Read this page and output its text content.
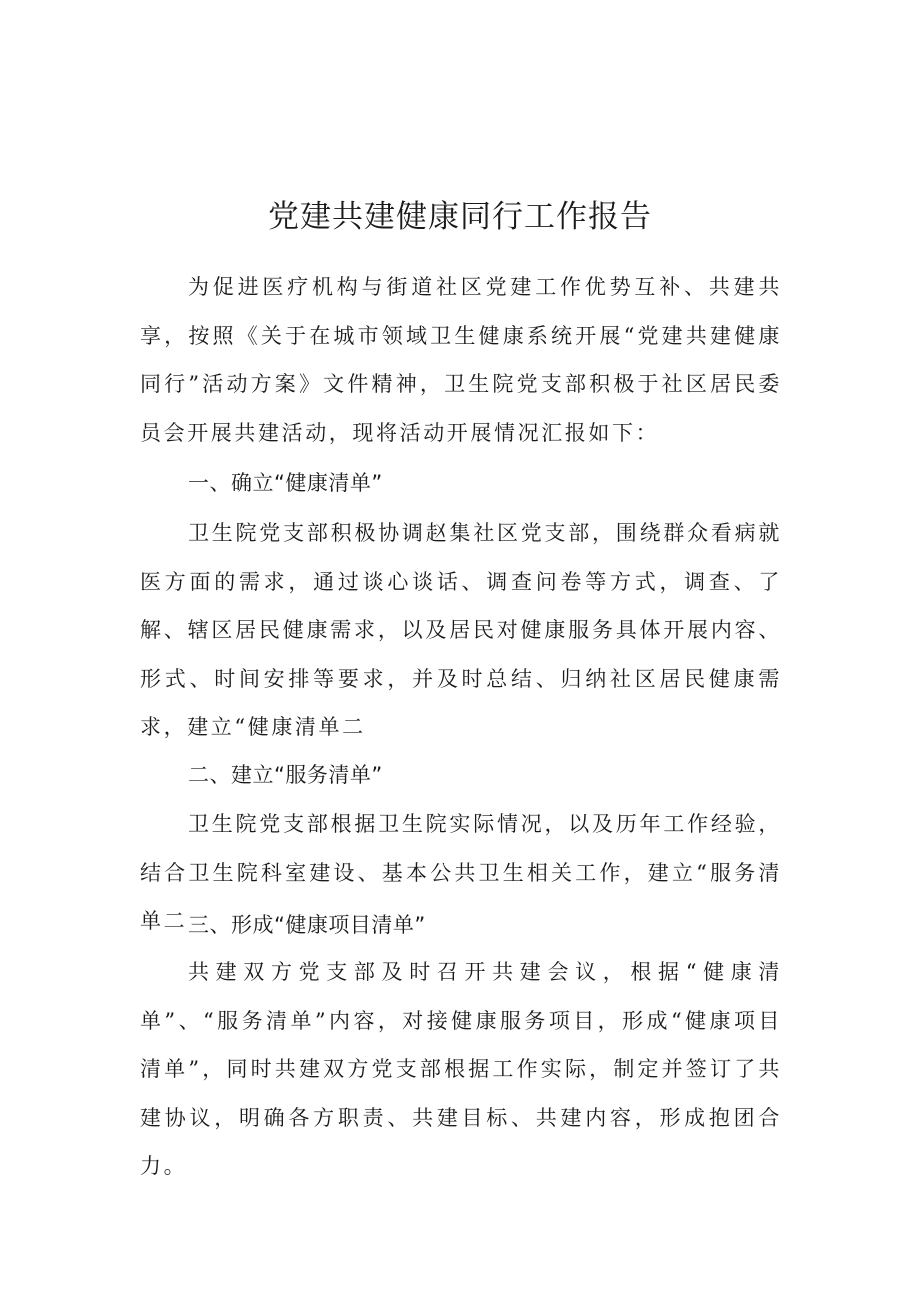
党建共建健康同行工作报告

为促进医疗机构与街道社区党建工作优势互补、共建共享，按照《关于在城市领域卫生健康系统开展“党建共建健康同行”活动方案》文件精神，卫生院党支部积极于社区居民委员会开展共建活动，现将活动开展情况汇报如下：

一、确立“健康清单”

卫生院党支部积极协调赵集社区党支部，围绕群众看病就医方面的需求，通过谈心谈话、调查问卷等方式，调查、了解、辖区居民健康需求，以及居民对健康服务具体开展内容、形式、时间安排等要求，并及时总结、归纳社区居民健康需求，建立“健康清单二

二、建立“服务清单”

卫生院党支部根据卫生院实际情况，以及历年工作经验，结合卫生院科室建设、基本公共卫生相关工作，建立“服务清单二 三、形成“健康项目清单”

共建双方党支部及时召开共建会议，根据“健康清单”、“服务清单”内容，对接健康服务项目，形成“健康项目清单”，同时共建双方党支部根据工作实际，制定并签订了共建协议，明确各方职责、共建目标、共建内容，形成抱团合力。
